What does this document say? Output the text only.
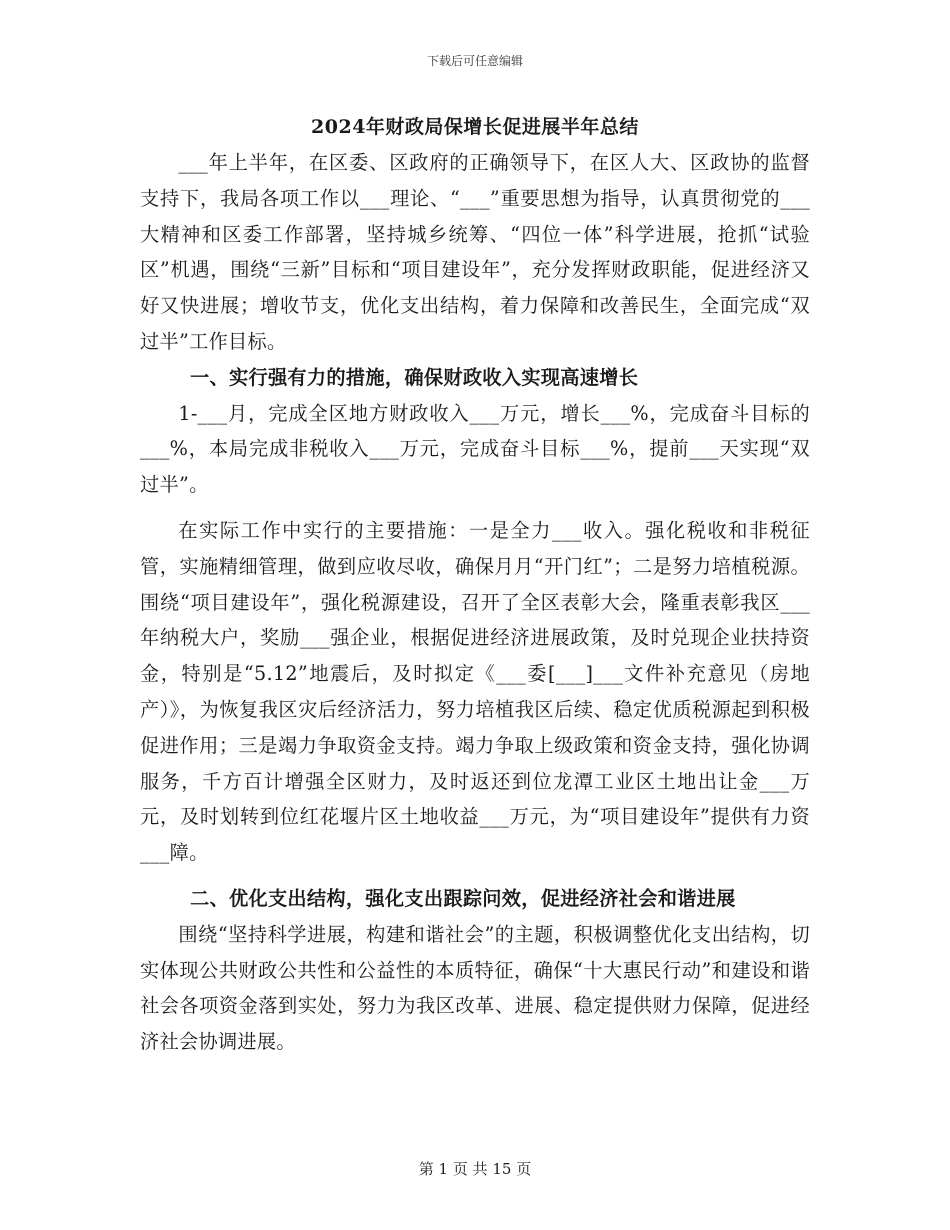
下载后可任意编辑
2024年财政局保增长促进展半年总结

___年上半年，在区委、区政府的正确领导下，在区人大、区政协的监督支持下，我局各项工作以___理论、“___”重要思想为指导，认真贯彻党的___大精神和区委工作部署，坚持城乡统筹、“四位一体”科学进展，抢抓“试验区”机遇，围绕“三新”目标和“项目建设年”，充分发挥财政职能，促进经济又好又快进展；增收节支，优化支出结构，着力保障和改善民生，全面完成“双过半”工作目标。

一、实行强有力的措施，确保财政收入实现高速增长

1-___月，完成全区地方财政收入___万元，增长___%，完成奋斗目标的___%，本局完成非税收入___万元，完成奋斗目标___%，提前___天实现“双过半”。

在实际工作中实行的主要措施：一是全力___收入。强化税收和非税征管，实施精细管理，做到应收尽收，确保月月“开门红”；二是努力培植税源。围绕“项目建设年”，强化税源建设，召开了全区表彰大会，隆重表彰我区___年纳税大户，奖励___强企业，根据促进经济进展政策，及时兑现企业扶持资金，特别是“5.12”地震后，及时拟定《___委[___]___文件补充意见（房地产）》，为恢复我区灾后经济活力，努力培植我区后续、稳定优质税源起到积极促进作用；三是竭力争取资金支持。竭力争取上级政策和资金支持，强化协调服务，千方百计增强全区财力，及时返还到位龙潭工业区土地出让金___万元，及时划转到位红花堰片区土地收益___万元，为“项目建设年”提供有力资___障。

二、优化支出结构，强化支出跟踪问效，促进经济社会和谐进展

围绕“坚持科学进展，构建和谐社会”的主题，积极调整优化支出结构，切实体现公共财政公共性和公益性的本质特征，确保“十大惠民行动”和建设和谐社会各项资金落到实处，努力为我区改革、进展、稳定提供财力保障，促进经济社会协调进展。

第 1 页 共 15 页
